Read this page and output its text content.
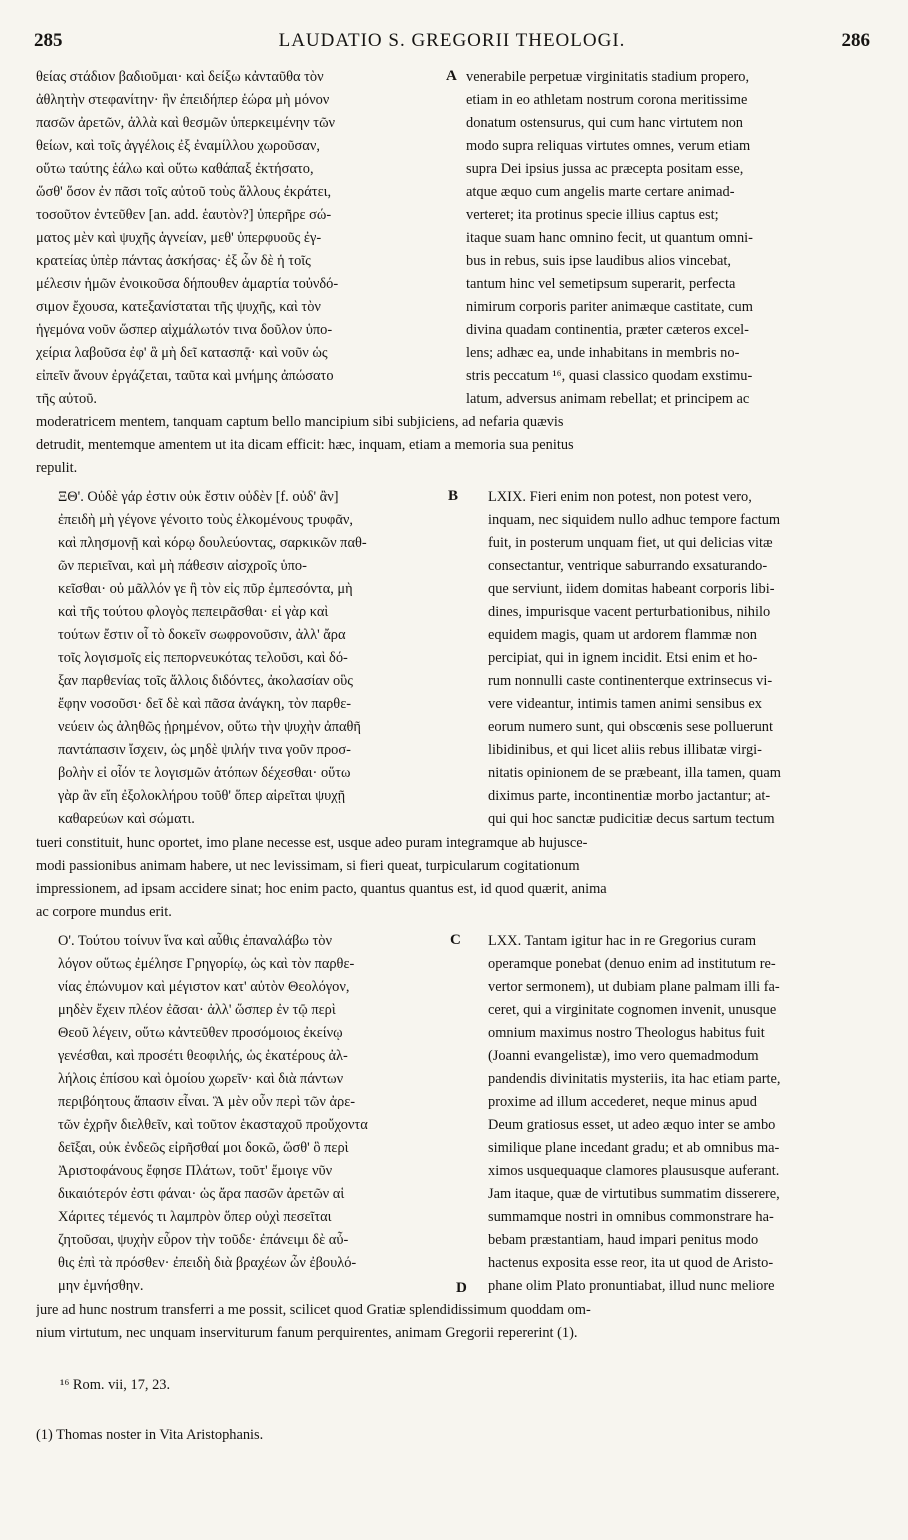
285	LAUDATIO S. GREGORII THEOLOGI.	286
θείας στάδιον βαδιοῦμαι· καὶ δείξω κἀνταῦθα τὸν
ἀθλητὴν στεφανίτην· ἣν ἐπειδήπερ ἑώρα μὴ μόνον
πασῶν ἀρετῶν, ἀλλὰ καὶ θεσμῶν ὑπερκειμένην τῶν
θείων, καὶ τοῖς ἀγγέλοις ἐξ ἐναμίλλου χωροῦσαν,
οὕτω ταύτης ἑάλω καὶ οὕτω καθάπαξ ἐκτήσατο,
ὥσθ' ὅσον ἐν πᾶσι τοῖς αὐτοῦ τοὺς ἄλλους ἐκράτει,
τοσοῦτον ἐντεῦθεν [an. add. ἑαυτὸν?] ὑπερῆρε σώ-
ματος μὲν καὶ ψυχῆς ἁγνείαν, μεθ' ὑπερφυοῦς ἐγ-
κρατείας ὑπὲρ πάντας ἀσκήσας· ἐξ ὧν δὲ ἡ τοῖς
μέλεσιν ἡμῶν ἐνοικοῦσα δήπουθεν ἁμαρτία τοὐνδό-
σιμον ἔχουσα, κατεξανίσταται τῆς ψυχῆς, καὶ τὸν
ἡγεμόνα νοῦν ὥσπερ αἰχμάλωτόν τινα δοῦλον ὑπο-
χείρια λαβοῦσα ἐφ' ἃ μὴ δεῖ κατασπᾷ· καὶ νοῦν ὡς
εἰπεῖν ἄνουν ἐργάζεται, ταῦτα καὶ μνήμης ἀπώσατο
τῆς αὐτοῦ.
A venerabile perpetuæ virginitatis stadium propero,
etiam in eo athletam nostrum corona meritissime
donatum ostensurus, qui cum hanc virtutem non
modo supra reliquas virtutes omnes, verum etiam
supra Dei ipsius jussa ac præcepta positam esse,
atque æquo cum angelis marte certare animad-
verteret; ita protinus specie illius captus est;
itaque suam hanc omnino fecit, ut quantum omni-
bus in rebus, suis ipse laudibus alios vincebat,
tantum hinc vel semetipsum superarit, perfecta
nimirum corporis pariter animæque castitate, cum
divina quadam continentia, præter cæteros excel-
lens; adhæc ea, unde inhabitans in membris no-
stris peccatum ¹⁶, quasi classico quodam exstimu-
latum, adversus animam rebellat; et principem ac
moderatricem mentem, tanquam captum bello mancipium sibi subjiciens, ad nefaria quævis
detrudit, mentemque amentem ut ita dicam efficit: hæc, inquam, etiam a memoria sua penitus
repulit.
ΞΘ'. Οὐδὲ γάρ ἐστιν οὐκ ἔστιν οὐδὲν [f. οὐδ' ἂν]
ἐπειδὴ μὴ γέγονε γένοιτο τοὺς ἑλκομένους τρυφᾶν,
καὶ πλησμονῇ καὶ κόρῳ δουλεύοντας, σαρκικῶν παθ-
ῶν περιεῖναι, καὶ μὴ πάθεσιν αἰσχροῖς ὑπο-
κεῖσθαι· οὐ μᾶλλόν γε ἢ τὸν εἰς πῦρ ἐμπεσόντα, μὴ
καὶ τῆς τούτου φλογὸς πεπειρᾶσθαι· εἰ γὰρ καὶ
τούτων ἔστιν οἷ τὸ δοκεῖν σωφρονοῦσιν, ἀλλ' ἄρα
τοῖς λογισμοῖς εἰς πεπορνευκότας τελοῦσι, καὶ δό-
ξαν παρθενίας τοῖς ἄλλοις διδόντες, ἀκολασίαν οὓς
ἔφην νοσοῦσι· δεῖ δὲ καὶ πᾶσα ἀνάγκη, τὸν παρθε-
νεύειν ὡς ἀληθῶς ᾑρημένον, οὕτω τὴν ψυχὴν ἀπαθῆ
παντάπασιν ἴσχειν, ὡς μηδὲ ψιλήν τινα γοῦν προσ-
βολὴν εἰ οἷόν τε λογισμῶν ἀτόπων δέχεσθαι· οὕτω
γὰρ ἂν εἴη ἐξολοκλήρου τοῦθ' ὅπερ αἱρεῖται ψυχῇ
καθαρεύων καὶ σώματι.
B	LXIX. Fieri enim non potest, non potest vero,
inquam, nec siquidem nullo adhuc tempore factum
fuit, in posterum unquam fiet, ut qui delicias vitæ
consectantur, ventrique saburrando exsaturando-
que serviunt, iidem domitas habeant corporis libi-
dines, impurisque vacent perturbationibus, nihilo
equidem magis, quam ut ardorem flammæ non
percipiat, qui in ignem incidit. Etsi enim et ho-
rum nonnulli caste continenterque extrinsecus vi-
vere videantur, intimis tamen animi sensibus ex
eorum numero sunt, qui obscœnis sese polluerunt
libidinibus, et qui licet aliis rebus illibatæ virgi-
nitatis opinionem de se præbeant, illa tamen, quam
diximus parte, incontinentiæ morbo jactantur; at-
qui qui hoc sanctæ pudicitiæ decus sartum tectum
tueri constituit, hunc oportet, imo plane necesse est, usque adeo puram integramque ab hujusce-
modi passionibus animam habere, ut nec levissimam, si fieri queat, turpicularum cogitationum
impressionem, ad ipsam accidere sinat; hoc enim pacto, quantus quantus est, id quod quærit, anima
ac corpore mundus erit.
Ο'. Τούτου τοίνυν ἵνα καὶ αὖθις ἐπαναλάβω τὸν
λόγον οὕτως ἐμέλησε Γρηγορίῳ, ὡς καὶ τὸν παρθε-
νίας ἐπώνυμον καὶ μέγιστον κατ' αὐτὸν Θεολόγον,
μηδὲν ἔχειν πλέον ἐᾶσαι· ἀλλ' ὥσπερ ἐν τῷ περὶ
Θεοῦ λέγειν, οὕτω κἀντεῦθεν προσόμοιος ἐκείνῳ
γενέσθαι, καὶ προσέτι θεοφιλής, ὡς ἑκατέρους ἀλ-
λήλοις ἐπίσου καὶ ὁμοίου χωρεῖν· καὶ διὰ πάντων
περιβόητους ἅπασιν εἶναι. Ἃ μὲν οὖν περὶ τῶν ἀρε-
τῶν ἐχρῆν διελθεῖν, καὶ τοῦτον ἑκασταχοῦ προὔχοντα
δεῖξαι, οὐκ ἐνδεῶς εἰρῆσθαί μοι δοκῶ, ὥσθ' ὃ περὶ
Ἀριστοφάνους ἔφησε Πλάτων, τοῦτ' ἔμοιγε νῦν
δικαιότερόν ἐστι φάναι· ὡς ἄρα πασῶν ἀρετῶν αἱ
Χάριτες τέμενός τι λαμπρὸν ὅπερ οὐχὶ πεσεῖται
ζητοῦσαι, ψυχὴν εὗρον τὴν τοῦδε· ἐπάνειμι δὲ αὖ-
θις ἐπὶ τὰ πρόσθεν· ἐπειδὴ διὰ βραχέων ὧν ἐβουλό-
μην ἐμνήσθην.
C	LXX. Tantam igitur hac in re Gregorius curam
operamque ponebat (denuo enim ad institutum re-
vertor sermonem), ut dubiam plane palmam illi fa-
ceret, qui a virginitate cognomen invenit, unusque
omnium maximus nostro Theologus habitus fuit
(Joanni evangelistæ), imo vero quemadmodum
pandendis divinitatis mysteriis, ita hac etiam parte,
proxime ad illum accederet, neque minus apud
Deum gratiosus esset, ut adeo æquo inter se ambo
similique plane incedant gradu; et ab omnibus ma-
ximos usquequaque clamores plaususque auferant.
Jam itaque, quæ de virtutibus summatim disserere,
summamque nostri in omnibus commonstrare ha-
bebam præstantiam, haud impari penitus modo
hactenus exposita esse reor, ita ut quod de Aristo-
phane olim Plato pronuntiabat, illud nunc meliore
D
jure ad hunc nostrum transferri a me possit, scilicet quod Gratiæ splendidissimum quoddam om-
nium virtutum, nec unquam inserviturum fanum perquirentes, animam Gregorii repererint (1).
¹⁶ Rom. vii, 17, 23.
(1) Thomas noster in Vita Aristophanis.
